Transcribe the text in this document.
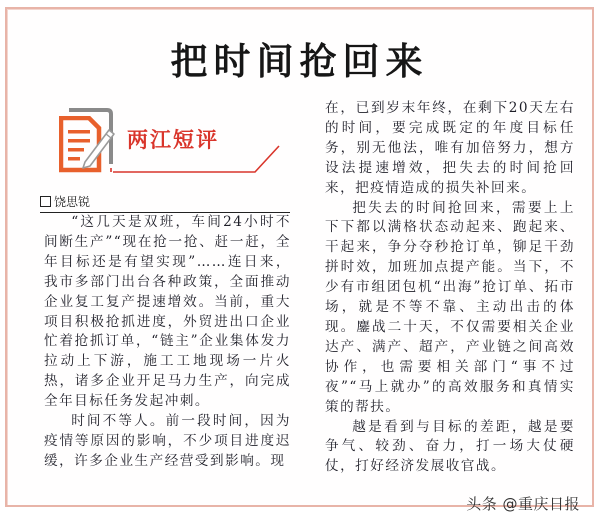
把时间抢回来
两江短评
饶思锐

“这几天是双班，车间24小时不间断生产”“现在抢一抢、赶一赶，全年目标还是有望实现”……连日来，我市多部门出台各种政策，全面推动企业复工复产提速增效。当前，重大项目积极抢抓进度，外贸进出口企业忙着抢抓订单，“链主”企业集体发力拉动上下游，施工工地现场一片火热，诸多企业开足马力生产，向完成全年目标任务发起冲刺。

时间不等人。前一段时间，因为疫情等原因的影响，不少项目进度迟缓，许多企业生产经营受到影响。现

在，已到岁末年终，在剩下20天左右的时间，要完成既定的年度目标任务，别无他法，唯有加倍努力，想方设法提速增效，把失去的时间抢回来，把疫情造成的损失补回来。

把失去的时间抢回来，需要上上下下都以满格状态动起来、跑起来、干起来，争分夺秒抢订单，铆足干劲拼时效，加班加点提产能。当下，不少有市组团包机“出海”抢订单、拓市场，就是不等不靠、主动出击的体现。鏖战二十天，不仅需要相关企业达产、满产、超产，产业链之间高效协作，也需要相关部门“事不过夜”“马上就办”的高效服务和真情实策的帮扶。

越是看到与目标的差距，越是要争气、较劲、奋力，打一场大仗硬仗，打好经济发展收官战。

头条 @重庆日报
